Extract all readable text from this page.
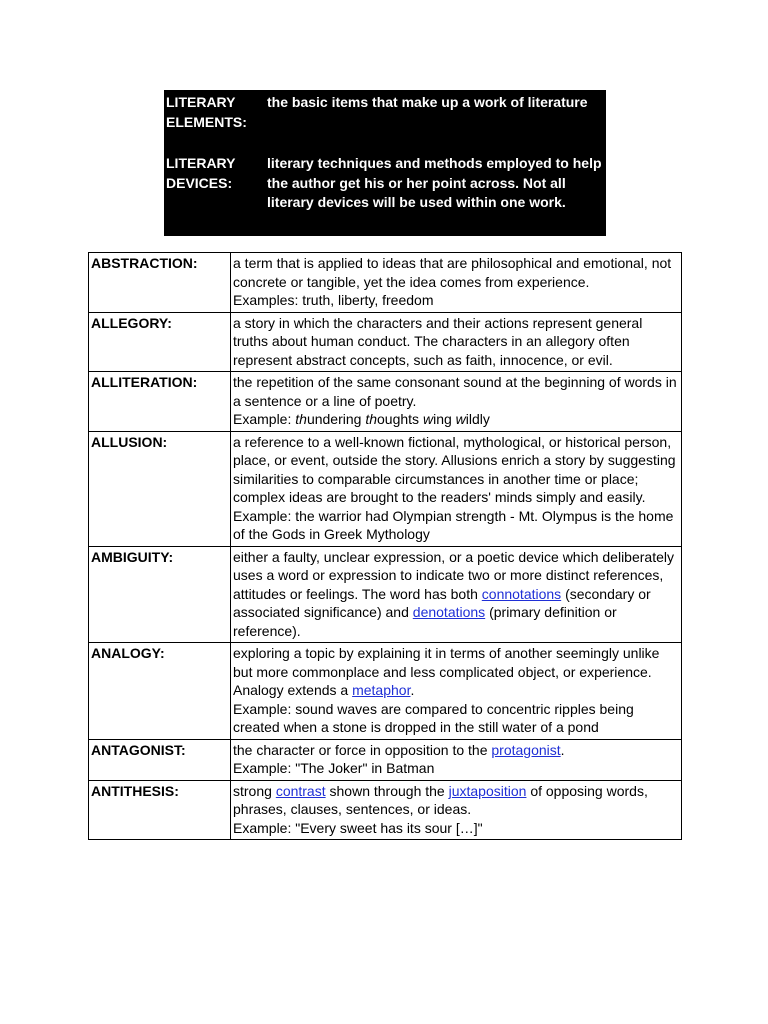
LITERARY ELEMENTS:
the basic items that make up a work of literature
LITERARY DEVICES:
literary techniques and methods employed to help the author get his or her point across. Not all literary devices will be used within one work.
ABSTRACTION:	a term that is applied to ideas that are philosophical and emotional, not concrete or tangible, yet the idea comes from experience.
Examples: truth, liberty, freedom

ALLEGORY:	a story in which the characters and their actions represent general truths about human conduct. The characters in an allegory often represent abstract concepts, such as faith, innocence, or evil.

ALLITERATION:	the repetition of the same consonant sound at the beginning of words in a sentence or a line of poetry.
Example: thundering thoughts wing wildly

ALLUSION:	a reference to a well-known fictional, mythological, or historical person, place, or event, outside the story. Allusions enrich a story by suggesting similarities to comparable circumstances in another time or place; complex ideas are brought to the readers' minds simply and easily.
Example: the warrior had Olympian strength - Mt. Olympus is the home of the Gods in Greek Mythology

AMBIGUITY:	either a faulty, unclear expression, or a poetic device which deliberately uses a word or expression to indicate two or more distinct references, attitudes or feelings. The word has both connotations (secondary or associated significance) and denotations (primary definition or reference).

ANALOGY:	exploring a topic by explaining it in terms of another seemingly unlike but more commonplace and less complicated object, or experience. Analogy extends a metaphor.
Example: sound waves are compared to concentric ripples being created when a stone is dropped in the still water of a pond

ANTAGONIST:	the character or force in opposition to the protagonist.
Example: "The Joker" in Batman

ANTITHESIS:	strong contrast shown through the juxtaposition of opposing words, phrases, clauses, sentences, or ideas.
Example: "Every sweet has its sour […]"
